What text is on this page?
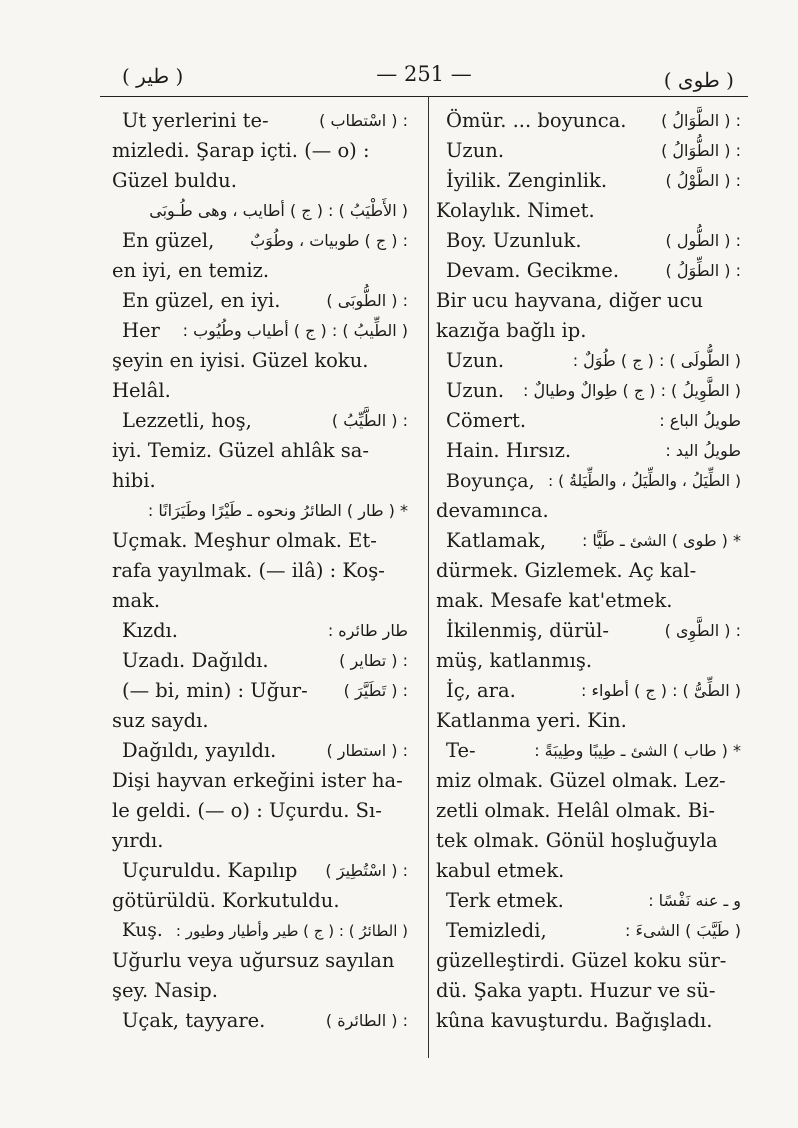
( طیر )	— 251 —	( طوی )
Ut yerlerini te-	: ( اسْتطاب )
mizledi. Şarap içti. (— o) :
Güzel buldu.
( الأَطْيَبُ ) : ( ج ) أطايب ، وهى طُـوبَى
En güzel, : ( ج ) طوبيات ، وطُوَبٌ
en iyi, en temiz.
En güzel, en iyi.	: ( الطُّوبَى )
Her ( الطِّيبُ ) : ( ج ) أطياب وطُيُوب :
şeyin en iyisi. Güzel koku.
Helâl.
Lezzetli, hoş,	: ( الطَّيِّبُ )
iyi. Temiz. Güzel ahlâk sa-
hibi.
* ( طار ) الطائرُ ونحوه ـ طَيْرًا وطَيَرَانًا :
Uçmak. Meşhur olmak. Et-
rafa yayılmak. (— ilâ) : Koş-
mak.
Kızdı.	طار طائره :
Uzadı. Dağıldı.	: ( تطاير )
(— bi, min) : Uğur- : ( تَطَيَّرَ )
suz saydı.
Dağıldı, yayıldı.	: ( استطار )
Dişi hayvan erkeğini ister ha-
le geldi. (— o) : Uçurdu. Sı-
yırdı.
Uçuruldu. Kapılıp : ( اسْتُطِيرَ )
götürüldü. Korkutuldu.
Kuş. ( الطائرُ ) : ( ج ) طير وأطيار وطيور :
Uğurlu veya uğursuz sayılan
şey. Nasip.
Uçak, tayyare.	: ( الطائرة )
Ömür. ... boyunca. : ( الطَّوَالُ )
Uzun.	: ( الطُّوَالُ )
İyilik. Zenginlik.	: ( الطَّوْلُ )
Kolaylık. Nimet.
Boy. Uzunluk.	: ( الطُّول )
Devam. Gecikme.	: ( الطِّوَلُ )
Bir ucu hayvana, diğer ucu
kazığa bağlı ip.
Uzun.	( الطُّولَى ) : ( ج ) طُوَلٌ :
Uzun. ( الطَّوِيلُ ) : ( ج ) طِوالٌ وطيالٌ :
Cömert.	طويلُ الباع :
Hain. Hırsız.	طويلُ اليد :
Boyunça, ( الطِّيَلُ ، والطِّيَلُ ، والطِّيَلةُ ) :
devamınca.
Katlamak, * ( طوى ) الشئ ـ طَيًّا :
dürmek. Gizlemek. Aç kal-
mak. Mesafe kat'etmek.
İkilenmiş, dürül-	: ( الطَّوِى )
müş, katlanmış.
İç, ara.	( الطِّىُّ ) : ( ج ) أطواء :
Katlanma yeri. Kin.
Te-	* ( طاب ) الشئ ـ طِيبًا وطِيبَةً :
miz olmak. Güzel olmak. Lez-
zetli olmak. Helâl olmak. Bi-
tek olmak. Gönül hoşluğuyla
kabul etmek.
Terk etmek.	و ـ عنه نَفْسًا :
Temizledi,	( طَيَّبَ ) الشىءَ :
güzelleştirdi. Güzel koku sür-
dü. Şaka yaptı. Huzur ve sü-
kûna kavuşturdu. Bağışladı.
